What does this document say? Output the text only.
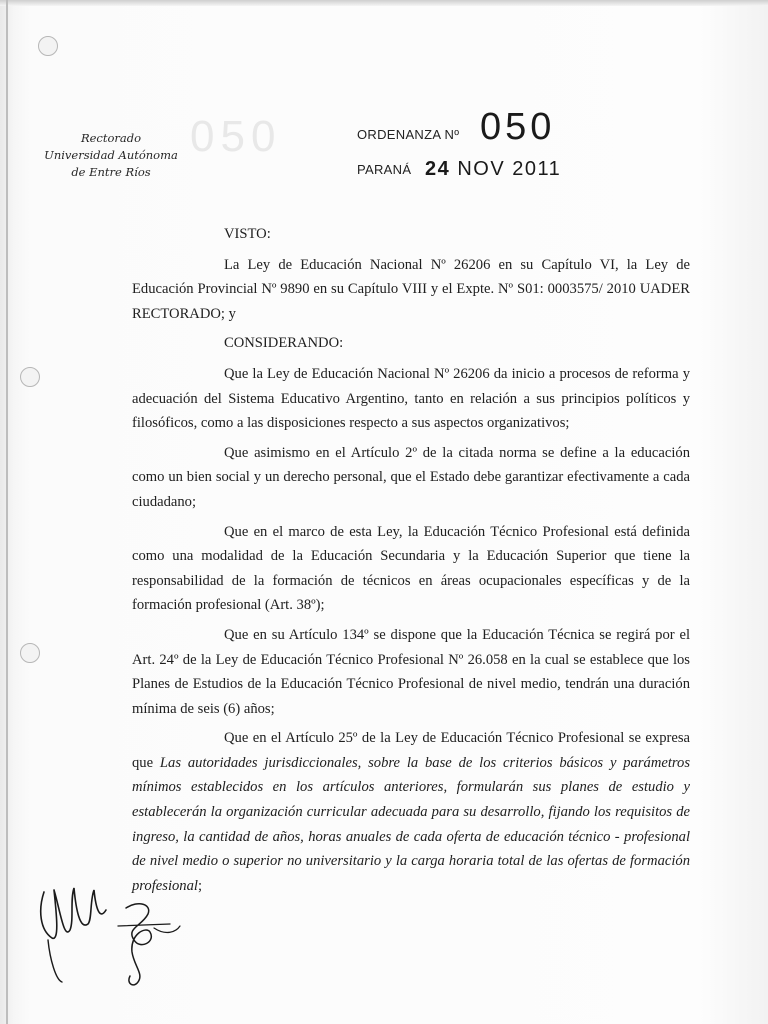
050
Rectorado
Universidad Autónoma
de Entre Ríos
ORDENANZA Nº 050
PARANÁ 24 NOV 2011

VISTO:

La Ley de Educación Nacional Nº 26206 en su Capítulo VI, la Ley de Educación Provincial Nº 9890 en su Capítulo VIII y el Expte. Nº S01: 0003575/ 2010 UADER RECTORADO; y

CONSIDERANDO:

Que la Ley de Educación Nacional Nº 26206 da inicio a procesos de reforma y adecuación del Sistema Educativo Argentino, tanto en relación a sus principios políticos y filosóficos, como a las disposiciones respecto a sus aspectos organizativos;

Que asimismo en el Artículo 2º de la citada norma se define a la educación como un bien social y un derecho personal, que el Estado debe garantizar efectivamente a cada ciudadano;

Que en el marco de esta Ley, la Educación Técnico Profesional está definida como una modalidad de la Educación Secundaria y la Educación Superior que tiene la responsabilidad de la formación de técnicos en áreas ocupacionales específicas y de la formación profesional (Art. 38º);

Que en su Artículo 134º se dispone que la Educación Técnica se regirá por el Art. 24º de la Ley de Educación Técnico Profesional Nº 26.058 en la cual se establece que los Planes de Estudios de la Educación Técnico Profesional de nivel medio, tendrán una duración mínima de seis (6) años;

Que en el Artículo 25º de la Ley de Educación Técnico Profesional se expresa que Las autoridades jurisdiccionales, sobre la base de los criterios básicos y parámetros mínimos establecidos en los artículos anteriores, formularán sus planes de estudio y establecerán la organización curricular adecuada para su desarrollo, fijando los requisitos de ingreso, la cantidad de años, horas anuales de cada oferta de educación técnico - profesional de nivel medio o superior no universitario y la carga horaria total de las ofertas de formación profesional;
